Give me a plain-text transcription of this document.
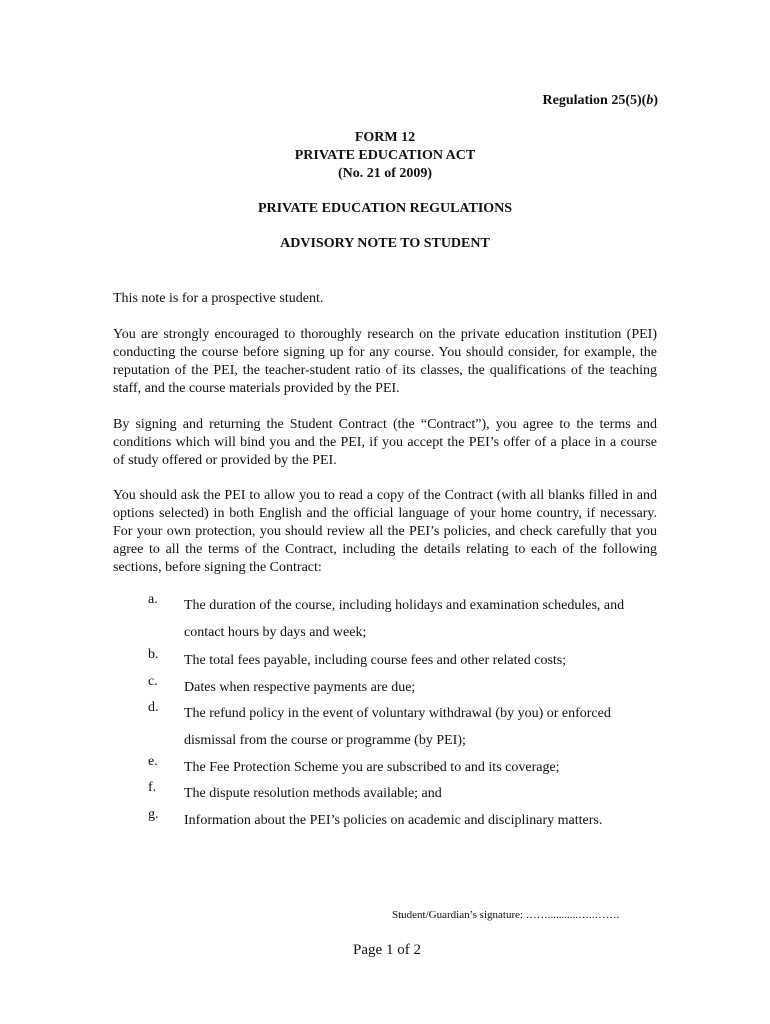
Regulation 25(5)(b)
FORM 12
PRIVATE EDUCATION ACT
(No. 21 of 2009)
PRIVATE EDUCATION REGULATIONS
ADVISORY NOTE TO STUDENT

This note is for a prospective student.

You are strongly encouraged to thoroughly research on the private education institution (PEI) conducting the course before signing up for any course. You should consider, for example, the reputation of the PEI, the teacher-student ratio of its classes, the qualifications of the teaching staff, and the course materials provided by the PEI.

By signing and returning the Student Contract (the “Contract”), you agree to the terms and conditions which will bind you and the PEI, if you accept the PEI’s offer of a place in a course of study offered or provided by the PEI.

You should ask the PEI to allow you to read a copy of the Contract (with all blanks filled in and options selected) in both English and the official language of your home country, if necessary. For your own protection, you should review all the PEI’s policies, and check carefully that you agree to all the terms of the Contract, including the details relating to each of the following sections, before signing the Contract:

a. The duration of the course, including holidays and examination schedules, and contact hours by days and week;
b. The total fees payable, including course fees and other related costs;
c. Dates when respective payments are due;
d. The refund policy in the event of voluntary withdrawal (by you) or enforced dismissal from the course or programme (by PEI);
e. The Fee Protection Scheme you are subscribed to and its coverage;
f. The dispute resolution methods available; and
g. Information about the PEI’s policies on academic and disciplinary matters.
Student/Guardian’s signature: ……...........…..…….
Page 1 of 2
